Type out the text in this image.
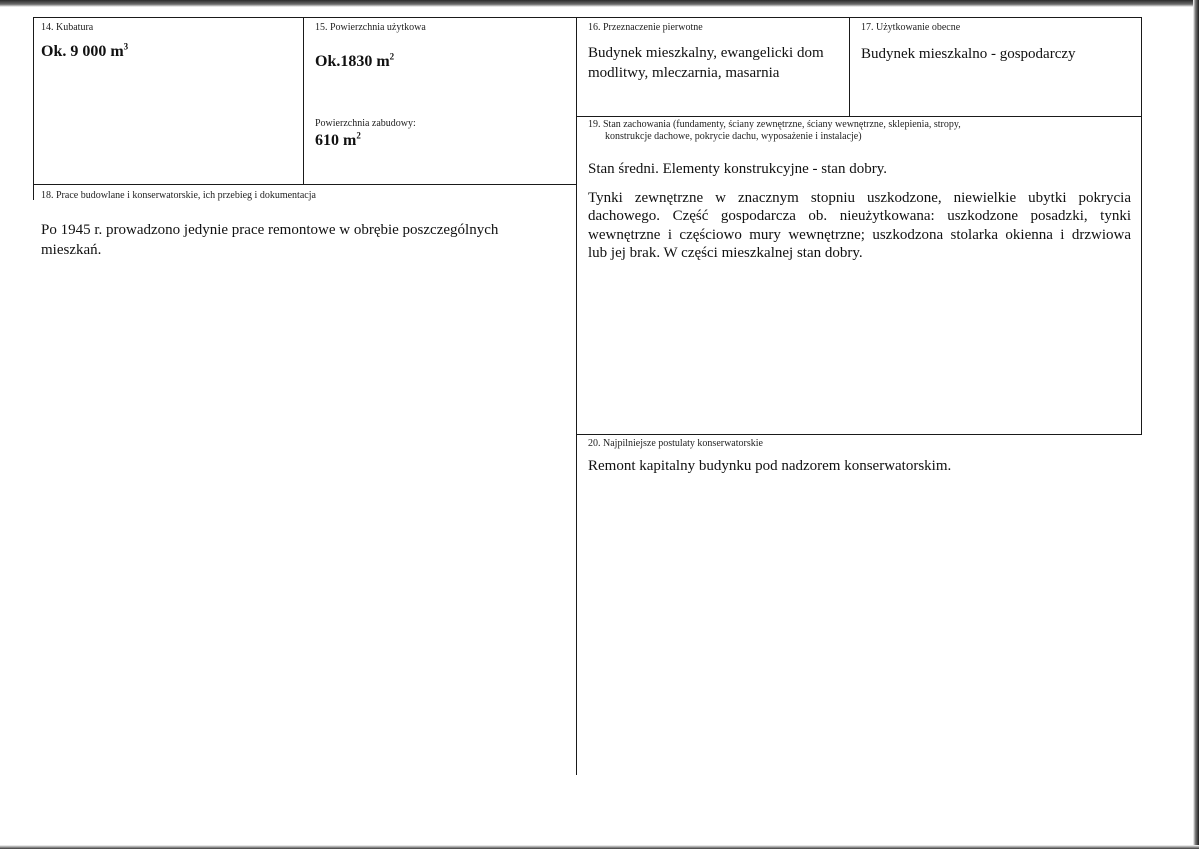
14. Kubatura
Ok. 9 000 $m^3$
15. Powierzchnia użytkowa
Ok.1830 $m^2$
Powierzchnia zabudowy:
610 $m^2$
16. Przeznaczenie pierwotne
Budynek mieszkalny, ewangelicki dom
modlitwy, mleczarnia, masarnia
17. Użytkowanie obecne
Budynek mieszkalno - gospodarczy
18. Prace budowlane i konserwatorskie, ich przebieg i dokumentacja
Po 1945 r. prowadzono jedynie prace remontowe w obrębie poszczególnych
mieszkań.
19. Stan zachowania (fundamenty, ściany zewnętrzne, ściany wewnętrzne, sklepienia, stropy,
konstrukcje dachowe, pokrycie dachu, wyposażenie i instalacje)
Stan średni. Elementy konstrukcyjne - stan dobry.
Tynki zewnętrzne w znacznym stopniu uszkodzone, niewielkie ubytki pokrycia
dachowego. Część gospodarcza ob. nieużytkowana: uszkodzone posadzki, tynki
wewnętrzne i częściowo mury wewnętrzne; uszkodzona stolarka okienna i drzwiowa
lub jej brak. W części mieszkalnej stan dobry.
20. Najpilniejsze postulaty konserwatorskie
Remont kapitalny budynku pod nadzorem konserwatorskim.
